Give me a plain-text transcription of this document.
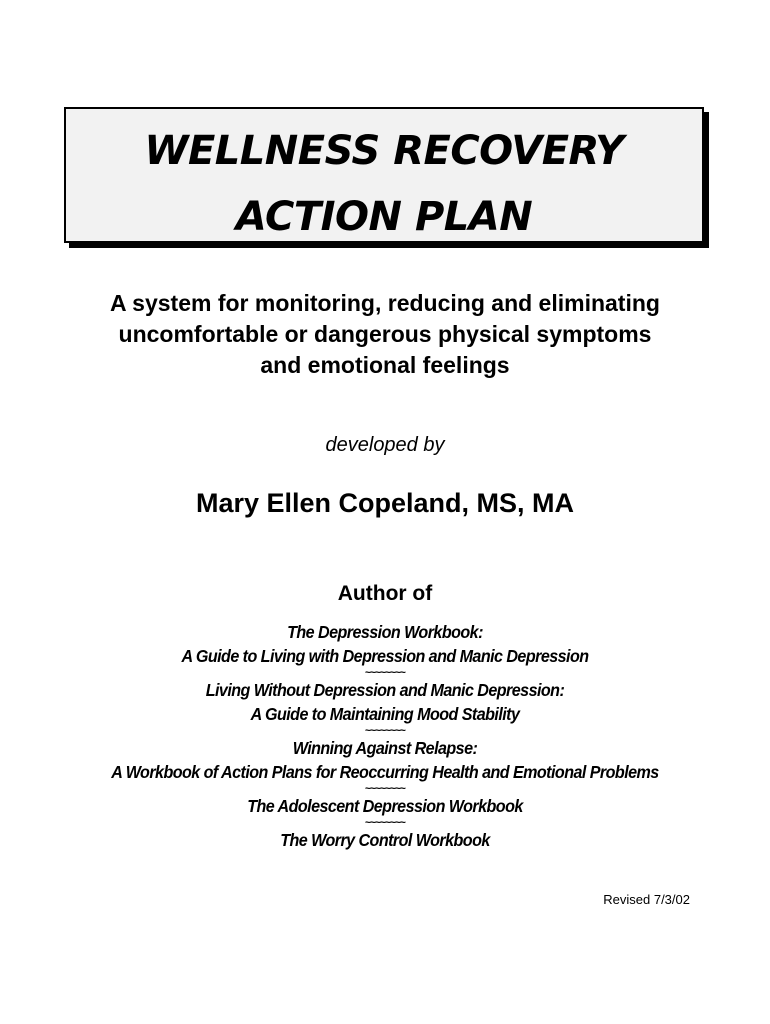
WELLNESS RECOVERY
ACTION PLAN
A system for monitoring, reducing and eliminating
uncomfortable or dangerous physical symptoms
and emotional feelings
developed by
Mary Ellen Copeland, MS, MA
Author of
The Depression Workbook:
A Guide to Living with Depression and Manic Depression
~~~~~~~~
Living Without Depression and Manic Depression:
A Guide to Maintaining Mood Stability
~~~~~~~~
Winning Against Relapse:
A Workbook of Action Plans for Reoccurring Health and Emotional Problems
~~~~~~~~
The Adolescent Depression Workbook
~~~~~~~~
The Worry Control Workbook
Revised 7/3/02
